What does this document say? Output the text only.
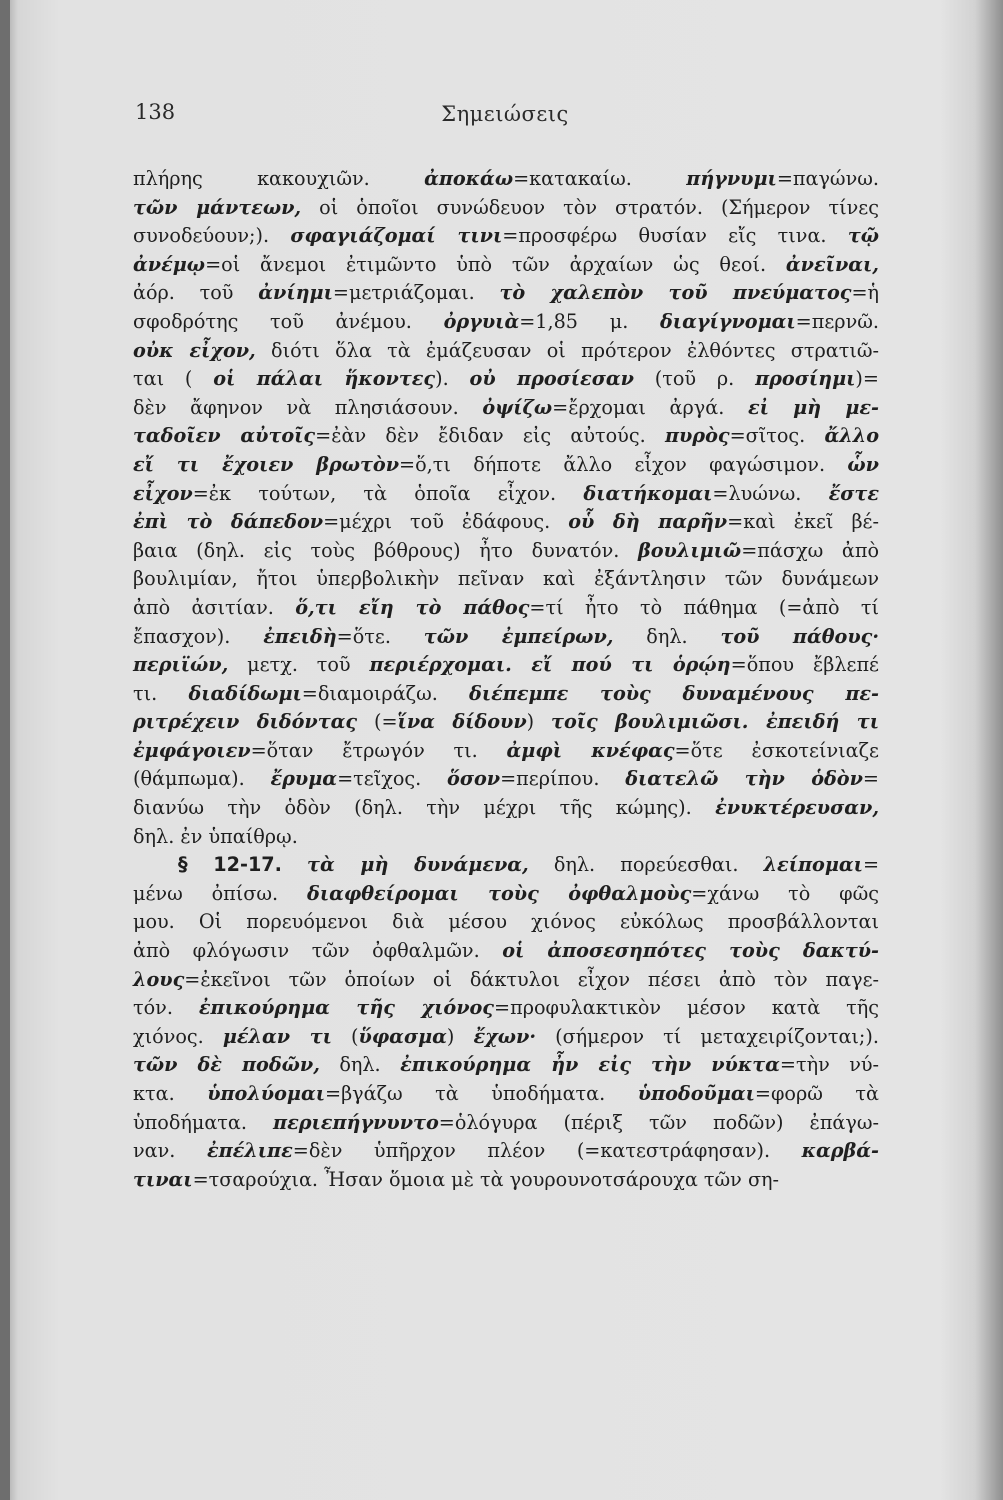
138	Σημειώσεις
πλήρης κακουχιῶν. ἀποκάω=κατακαίω. πήγνυμι=παγώνω.
τῶν μάντεων, οἱ ὁποῖοι συνώδευον τὸν στρατόν. (Σήμερον τίνες
συνοδεύουν;). σφαγιάζομαί τινι=προσφέρω θυσίαν εἴς τινα. τῷ
ἀνέμῳ=οἱ ἄνεμοι ἐτιμῶντο ὑπὸ τῶν ἀρχαίων ὡς θεοί. ἀνεῖναι,
ἀόρ. τοῦ ἀνίημι=μετριάζομαι. τὸ χαλεπὸν τοῦ πνεύματος=ἡ
σφοδρότης τοῦ ἀνέμου. ὀργυιὰ=1,85 μ. διαγίγνομαι=περνῶ.
οὐκ εἶχον, διότι ὅλα τὰ ἐμάζευσαν οἱ πρότερον ἐλθόντες στρατιῶ-
ται ( οἱ πάλαι ἥκοντες). οὐ προσίεσαν (τοῦ ρ. προσίημι)=
δὲν ἄφηνον νὰ πλησιάσουν. ὀψίζω=ἔρχομαι ἀργά. εἰ μὴ με-
ταδοῖεν αὐτοῖς=ἐὰν δὲν ἔδιδαν εἰς αὐτούς. πυρὸς=σῖτος. ἄλλο
εἴ τι ἔχοιεν βρωτὸν=ὅ,τι δήποτε ἄλλο εἶχον φαγώσιμον. ὧν
εἶχον=ἐκ τούτων, τὰ ὁποῖα εἶχον. διατήκομαι=λυώνω. ἔστε
ἐπὶ τὸ δάπεδον=μέχρι τοῦ ἐδάφους. οὗ δὴ παρῆν=καὶ ἐκεῖ βέ-
βαια (δηλ. εἰς τοὺς βόθρους) ἦτο δυνατόν. βουλιμιῶ=πάσχω ἀπὸ
βουλιμίαν, ἤτοι ὑπερβολικὴν πεῖναν καὶ ἐξάντλησιν τῶν δυνάμεων
ἀπὸ ἀσιτίαν. ὅ,τι εἴη τὸ πάθος=τί ἦτο τὸ πάθημα (=ἀπὸ τί
ἔπασχον). ἐπειδὴ=ὅτε. τῶν ἐμπείρων, δηλ. τοῦ πάθους·
περιϊών, μετχ. τοῦ περιέρχομαι. εἴ πού τι ὁρῴη=ὅπου ἔβλεπέ
τι. διαδίδωμι=διαμοιράζω. διέπεμπε τοὺς δυναμένους πε-
ριτρέχειν διδόντας (=ἵνα δίδουν) τοῖς βουλιμιῶσι. ἐπειδή τι
ἐμφάγοιεν=ὅταν ἔτρωγόν τι. ἀμφὶ κνέφας=ὅτε ἐσκοτείνιαζε
(θάμπωμα). ἔρυμα=τεῖχος. ὅσον=περίπου. διατελῶ τὴν ὁδὸν=
διανύω τὴν ὁδὸν (δηλ. τὴν μέχρι τῆς κώμης). ἐνυκτέρευσαν,
δηλ. ἐν ὑπαίθρῳ.
§ 12-17. τὰ μὴ δυνάμενα, δηλ. πορεύεσθαι. λείπομαι=
μένω ὀπίσω. διαφθείρομαι τοὺς ὀφθαλμοὺς=χάνω τὸ φῶς
μου. Οἱ πορευόμενοι διὰ μέσου χιόνος εὐκόλως προσβάλλονται
ἀπὸ φλόγωσιν τῶν ὀφθαλμῶν. οἱ ἀποσεσηπότες τοὺς δακτύ-
λους=ἐκεῖνοι τῶν ὁποίων οἱ δάκτυλοι εἶχον πέσει ἀπὸ τὸν παγε-
τόν. ἐπικούρημα τῆς χιόνος=προφυλακτικὸν μέσον κατὰ τῆς
χιόνος. μέλαν τι (ὕφασμα) ἔχων· (σήμερον τί μεταχειρίζονται;).
τῶν δὲ ποδῶν, δηλ. ἐπικούρημα ἦν εἰς τὴν νύκτα=τὴν νύ-
κτα. ὑπολύομαι=βγάζω τὰ ὑποδήματα. ὑποδοῦμαι=φορῶ τὰ
ὑποδήματα. περιεπήγνυντο=ὁλόγυρα (πέριξ τῶν ποδῶν) ἐπάγω-
ναν. ἐπέλιπε=δὲν ὑπῆρχον πλέον (=κατεστράφησαν). καρβά-
τιναι=τσαρούχια. Ἦσαν ὅμοια μὲ τὰ γουρουνοτσάρουχα τῶν ση-
